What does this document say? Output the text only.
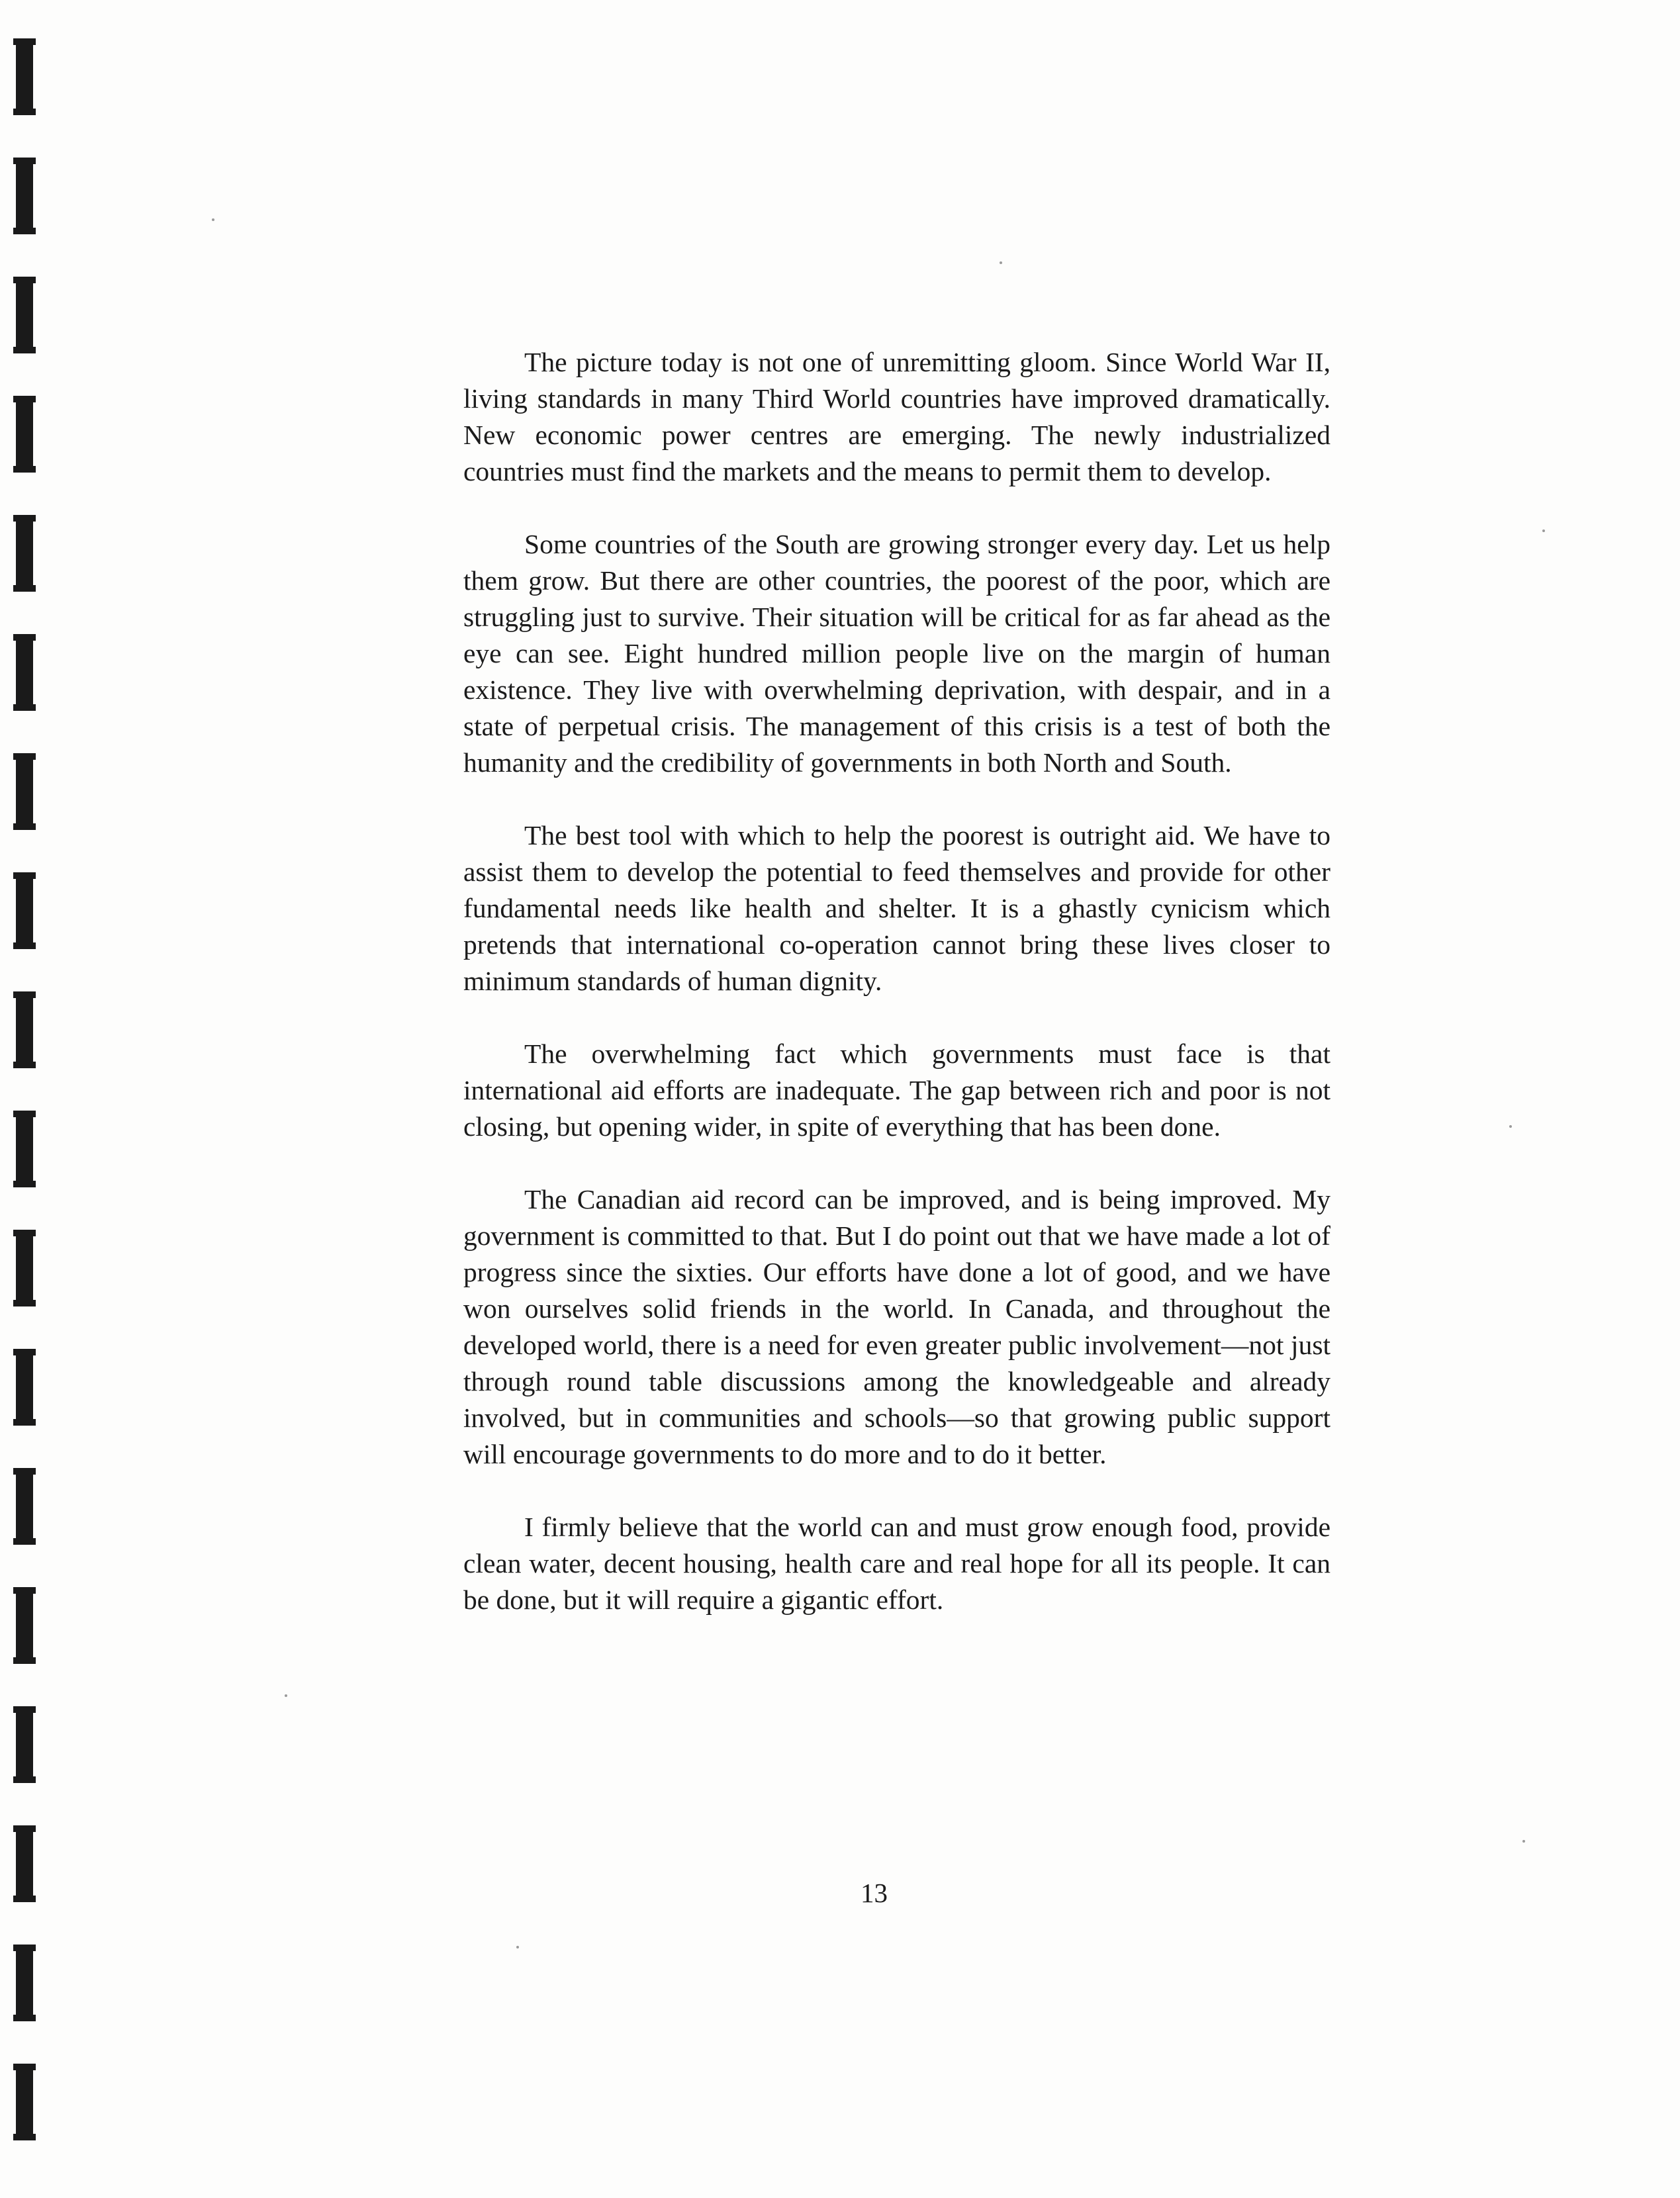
The picture today is not one of unremitting gloom. Since World War II, living standards in many Third World countries have improved dramatically. New economic power centres are emerging. The newly industrialized countries must find the markets and the means to permit them to develop.

Some countries of the South are growing stronger every day. Let us help them grow. But there are other countries, the poorest of the poor, which are struggling just to survive. Their situation will be critical for as far ahead as the eye can see. Eight hundred million people live on the margin of human existence. They live with overwhelming deprivation, with despair, and in a state of perpetual crisis. The management of this crisis is a test of both the humanity and the credibility of governments in both North and South.

The best tool with which to help the poorest is outright aid. We have to assist them to develop the potential to feed themselves and provide for other fundamental needs like health and shelter. It is a ghastly cynicism which pretends that international co-operation cannot bring these lives closer to minimum standards of human dignity.

The overwhelming fact which governments must face is that international aid efforts are inadequate. The gap between rich and poor is not closing, but opening wider, in spite of everything that has been done.

The Canadian aid record can be improved, and is being improved. My government is committed to that. But I do point out that we have made a lot of progress since the sixties. Our efforts have done a lot of good, and we have won ourselves solid friends in the world. In Canada, and throughout the developed world, there is a need for even greater public involvement—not just through round table discussions among the knowledgeable and already involved, but in communities and schools—so that growing public support will encourage governments to do more and to do it better.

I firmly believe that the world can and must grow enough food, provide clean water, decent housing, health care and real hope for all its people. It can be done, but it will require a gigantic effort.

13
